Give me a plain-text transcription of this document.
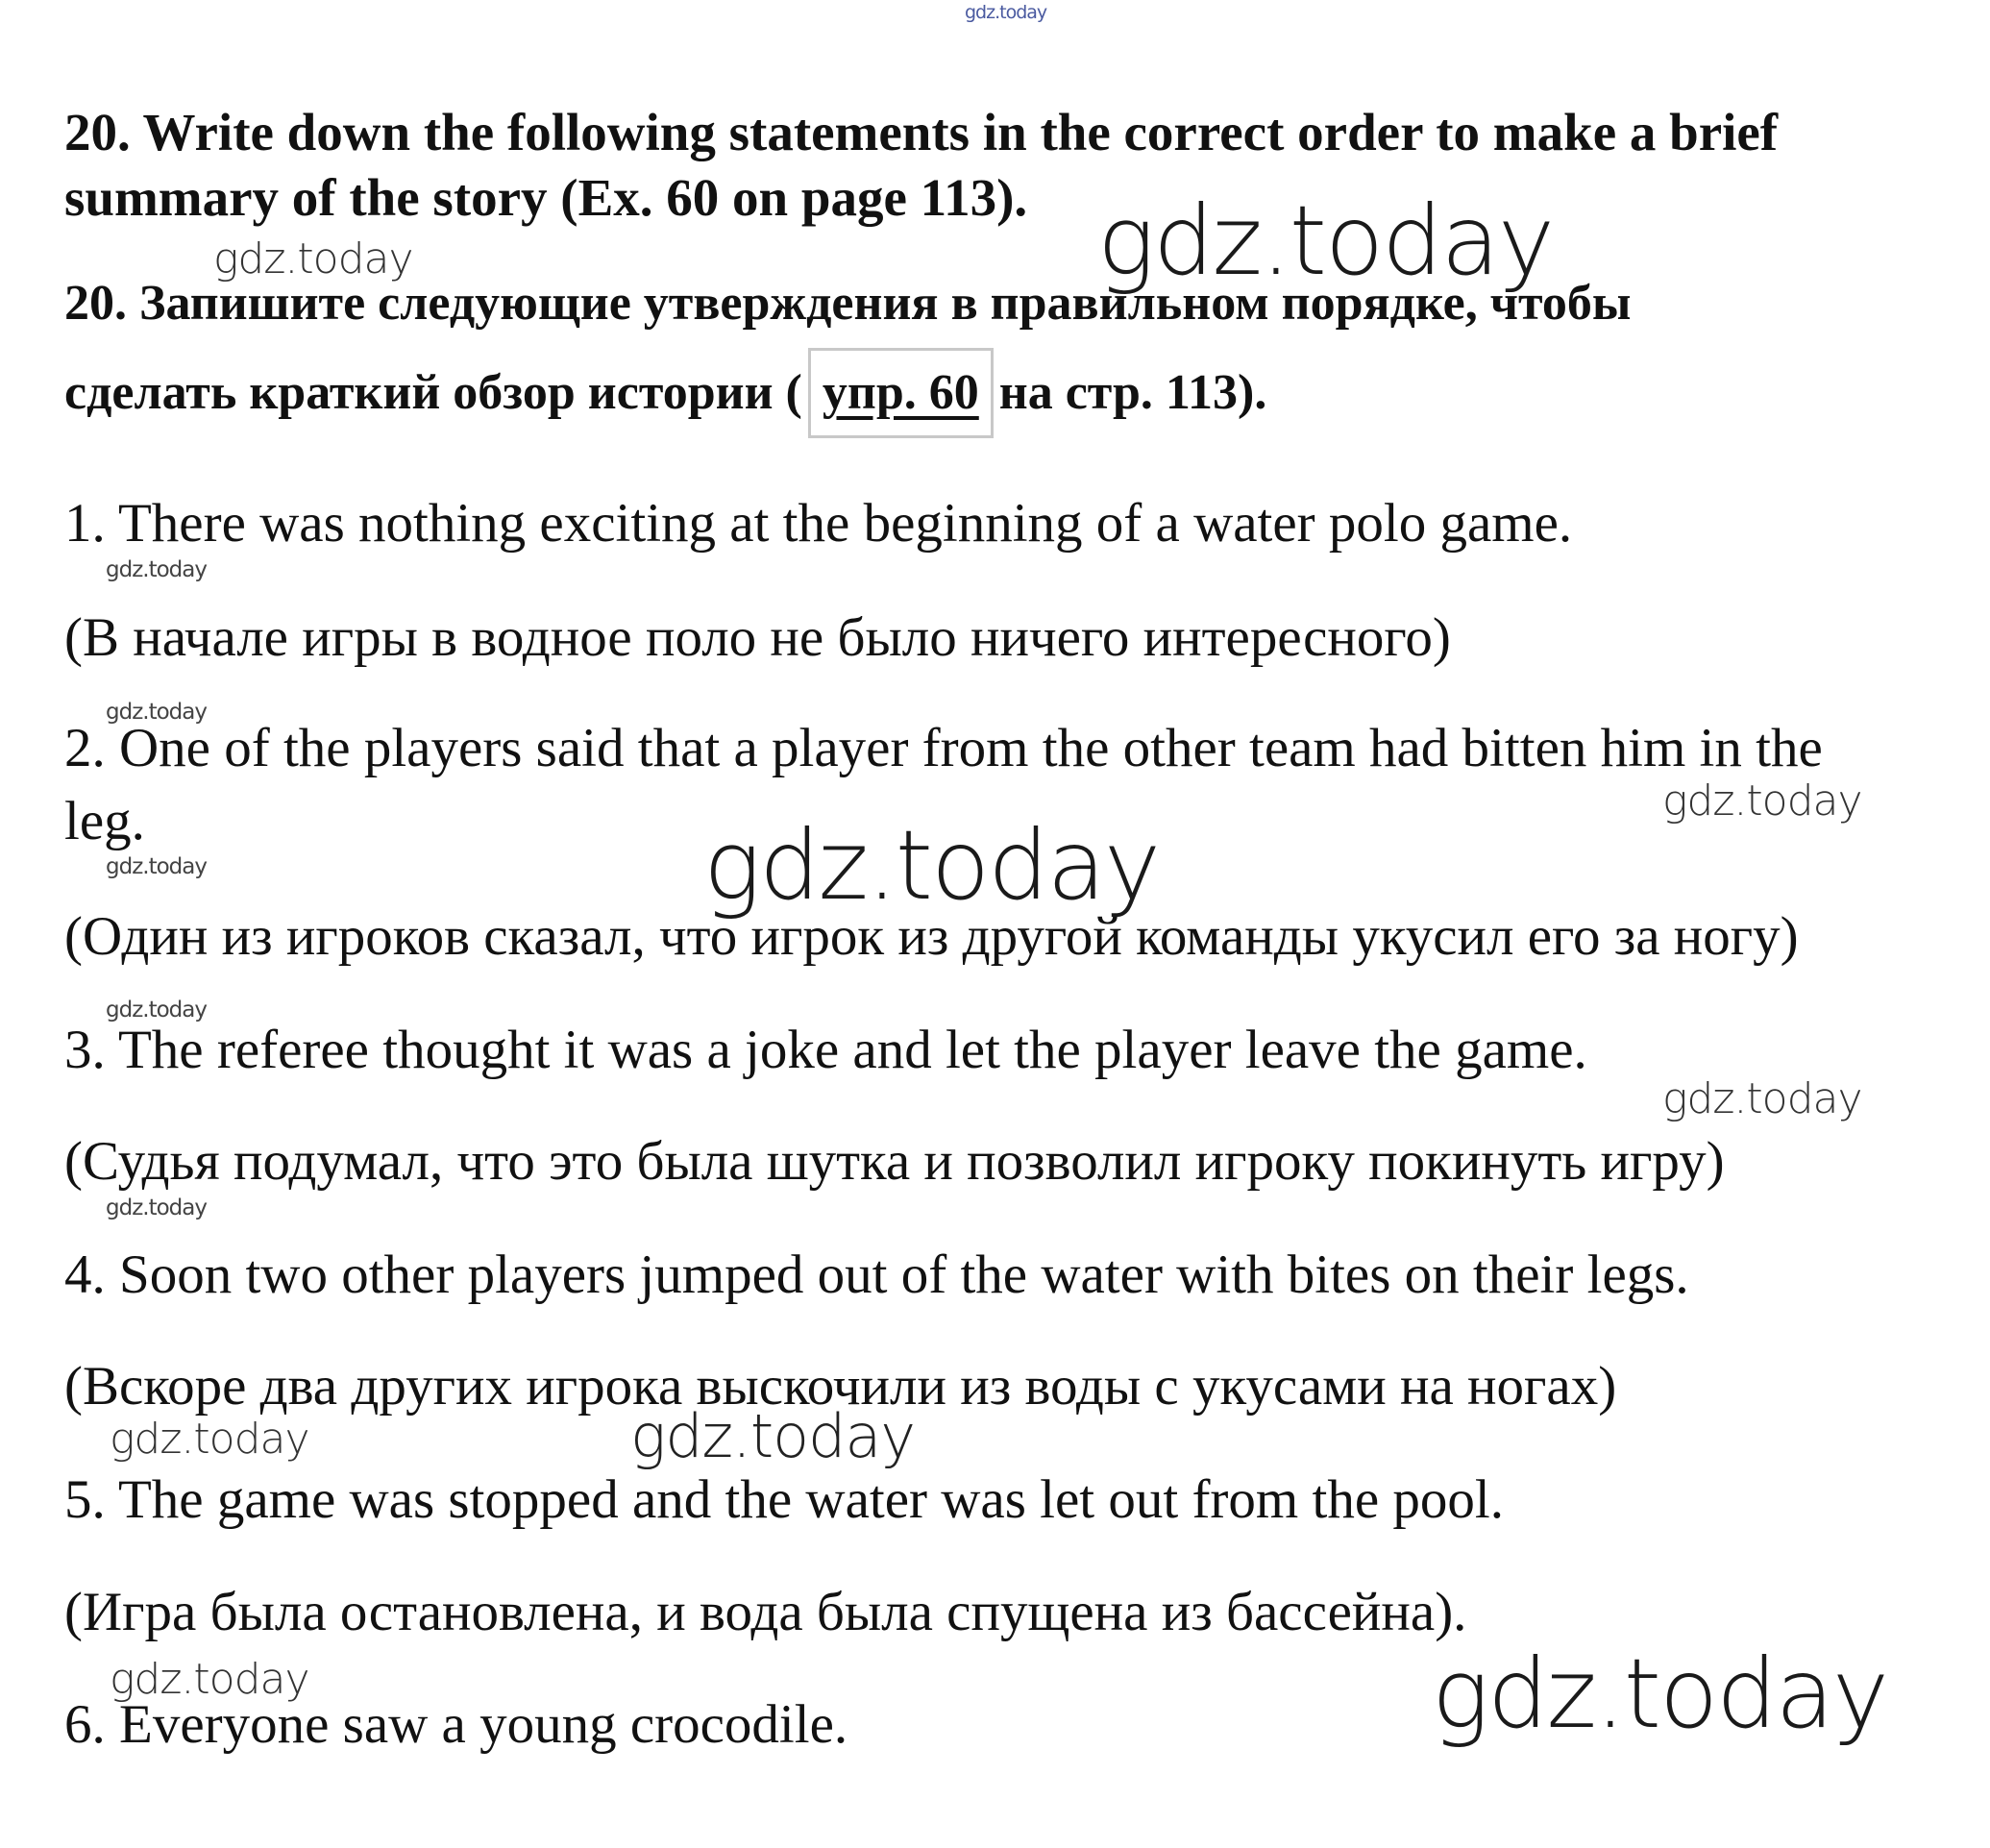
gdz.today
20. Write down the following statements in the correct order to make a brief
summary of the story (Ex. 60 on page 113).
20. Запишите следующие утверждения в правильном порядке, чтобы
сделать краткий обзор истории ( упр. 60 на стр. 113).
1. There was nothing exciting at the beginning of a water polo game.
(В начале игры в водное поло не было ничего интересного)
2. One of the players said that a player from the other team had bitten him in the
leg.
(Один из игроков сказал, что игрок из другой команды укусил его за ногу)
3. The referee thought it was a joke and let the player leave the game.
(Судья подумал, что это была шутка и позволил игроку покинуть игру)
4. Soon two other players jumped out of the water with bites on their legs.
(Вскоре два других игрока выскочили из воды с укусами на ногах)
5. The game was stopped and the water was let out from the pool.
(Игра была остановлена, и вода была спущена из бассейна).
6. Everyone saw a young crocodile.
gdz.today
gdz.today
gdz.today
gdz.today
gdz.today
gdz.today
gdz.today
gdz.today
gdz.today
gdz.today
gdz.today	gdz.today
gdz.today	gdz.today
